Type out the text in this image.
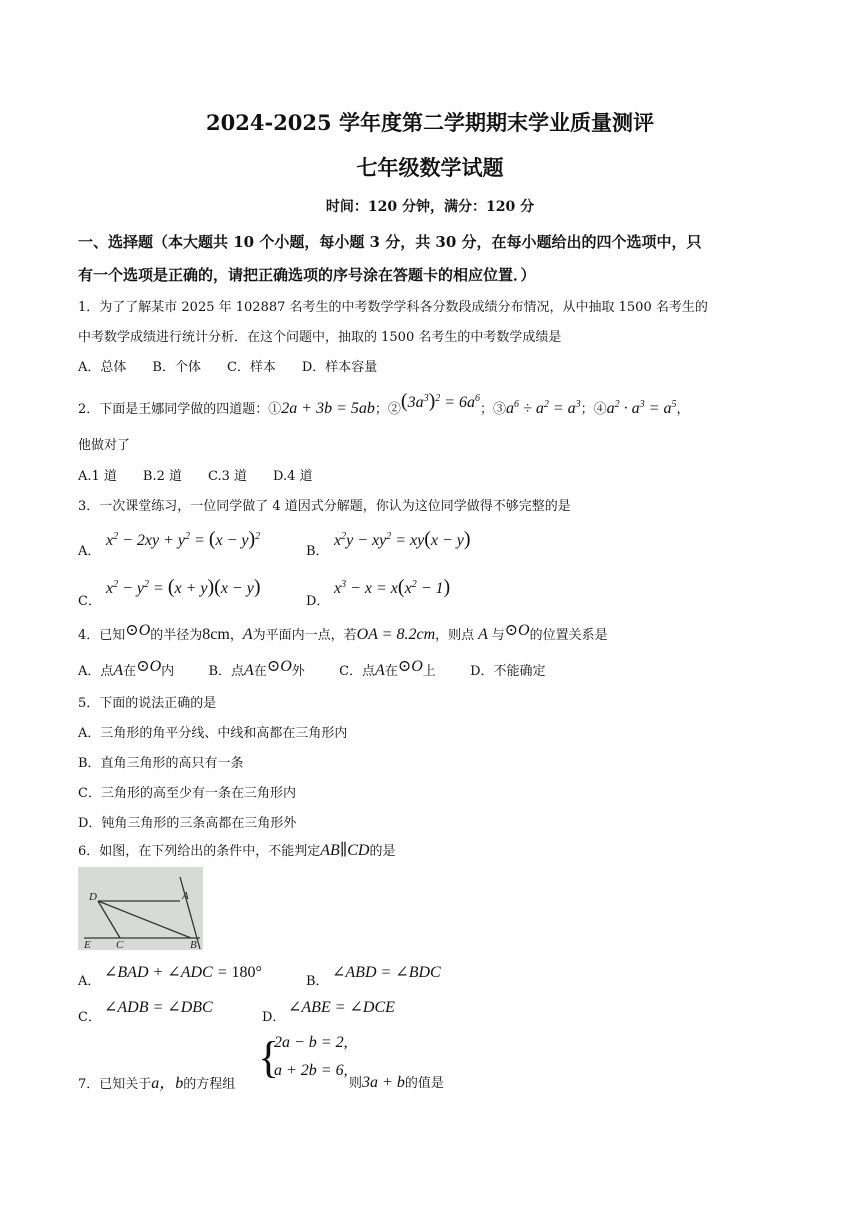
2024-2025 学年度第二学期期末学业质量测评
七年级数学试题
时间：120 分钟，满分：120 分
一、选择题（本大题共 10 个小题，每小题 3 分，共 30 分，在每小题给出的四个选项中，只
有一个选项是正确的，请把正确选项的序号涂在答题卡的相应位置．）
1．为了了解某市 2025 年 102887 名考生的中考数学学科各分数段成绩分布情况，从中抽取 1500 名考生的
中考数学成绩进行统计分析．在这个问题中，抽取的 1500 名考生的中考数学成绩是
A．总体　　B．个体　　C．样本　　D．样本容量
2．下面是王娜同学做的四道题：①2a + 3b = 5ab；$②(3a^3)^2 = 6a^6$；$③a^6 \div a^2 = a^3$；$④a^2 \cdot a^3 = a^5$，
他做对了
A.1 道　　B.2 道　　C.3 道　　D.4 道
3．一次课堂练习，一位同学做了 4 道因式分解题，你认为这位同学做得不够完整的是
A．
$x^2 - 2xy + y^2 = (x - y)^2$
B．
$x^2y - xy^2 = xy(x - y)$
C．
$x^2 - y^2 = (x + y)(x - y)$
D．
$x^3 - x = x(x^2 - 1)$
4．已知⊙O的半径为8cm，A为平面内一点，若OA = 8.2cm，则点 A 与⊙O的位置关系是
A．点A在⊙O内	B．点A在⊙O外	C．点A在⊙O上	D．不能确定
5．下面的说法正确的是
A．三角形的角平分线、中线和高都在三角形内
B．直角三角形的高只有一条
C．三角形的高至少有一条在三角形内
D．钝角三角形的三条高都在三角形外
6．如图，在下列给出的条件中，不能判定AB∥CD的是
D	A
E C	B
A．
∠BAD + ∠ADC = 180°
B．
∠ABD = ∠BDC
C．
∠ADB = ∠DBC
D．
∠ABE = ∠DCE
7．已知关于a，b的方程组
{
2a − b = 2,
a + 2b = 6,
则3a + b的值是
